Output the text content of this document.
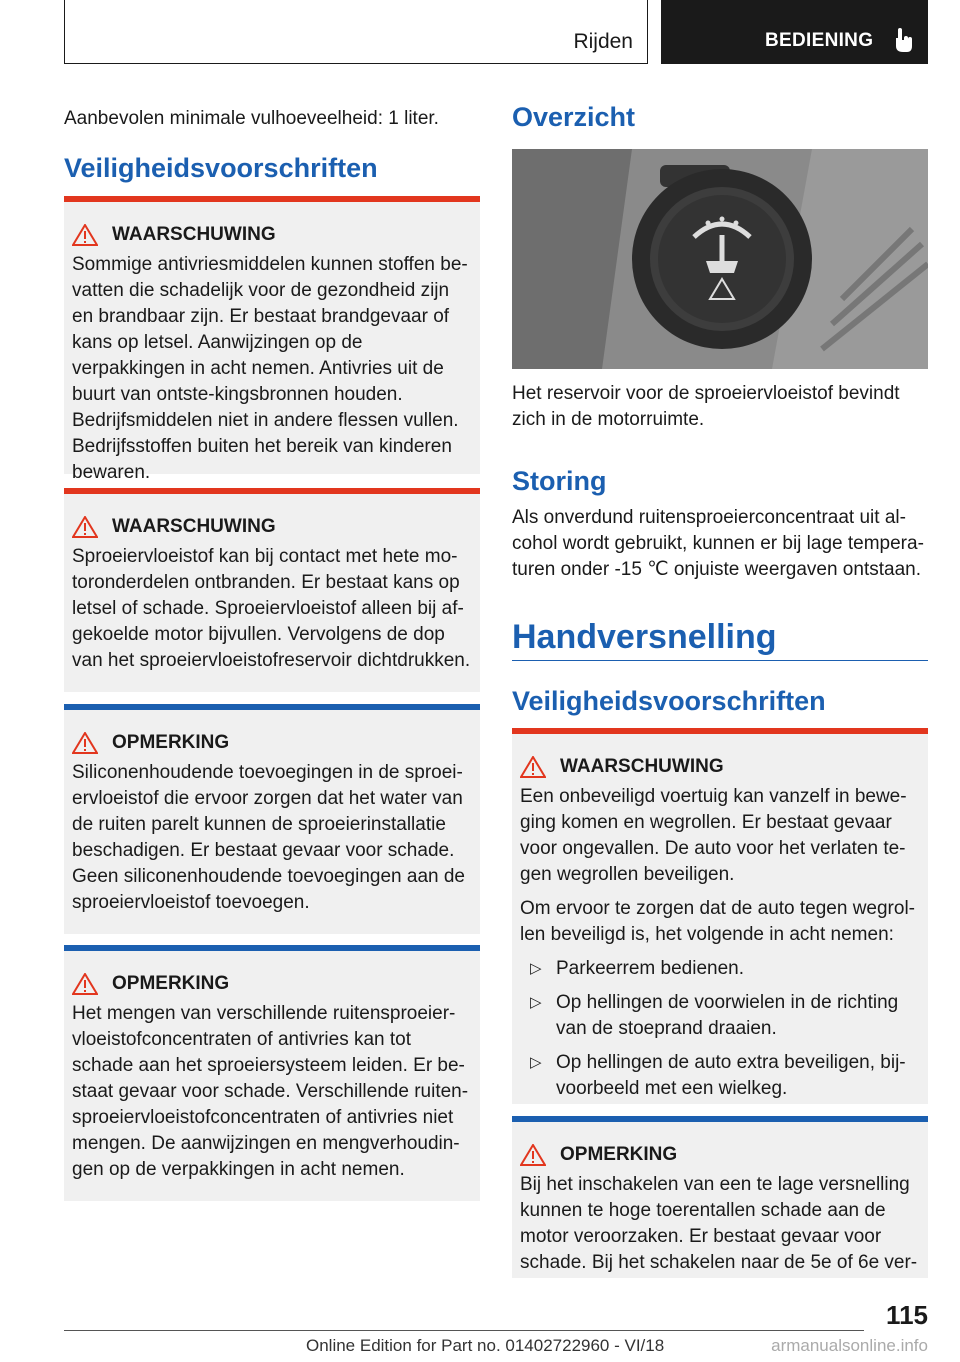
Rijden	BEDIENING

Aanbevolen minimale vulhoeveelheid: 1 liter.

Veiligheidsvoorschriften
WAARSCHUWING
Sommige antivriesmiddelen kunnen stoffen be-vatten die schadelijk voor de gezondheid zijn en brandbaar zijn. Er bestaat brandgevaar of kans op letsel. Aanwijzingen op de verpakkingen in acht nemen. Antivries uit de buurt van ontste-kingsbronnen houden. Bedrijfsmiddelen niet in andere flessen vullen. Bedrijfsstoffen buiten het bereik van kinderen bewaren.
WAARSCHUWING
Sproeiervloeistof kan bij contact met hete mo-toronderdelen ontbranden. Er bestaat kans op letsel of schade. Sproeiervloeistof alleen bij af-gekoelde motor bijvullen. Vervolgens de dop van het sproeiervloeistofreservoir dichtdrukken.
OPMERKING
Siliconenhoudende toevoegingen in de sproei-ervloeistof die ervoor zorgen dat het water van de ruiten parelt kunnen de sproeierinstallatie beschadigen. Er bestaat gevaar voor schade. Geen siliconenhoudende toevoegingen aan de sproeiervloeistof toevoegen.
OPMERKING
Het mengen van verschillende ruitensproeier-vloeistofconcentraten of antivries kan tot schade aan het sproeiersysteem leiden. Er be-staat gevaar voor schade. Verschillende ruiten-sproeiervloeistofconcentraten of antivries niet mengen. De aanwijzingen en mengverhoudin-gen op de verpakkingen in acht nemen.
Overzicht

Het reservoir voor de sproeiervloeistof bevindt zich in de motorruimte.

Storing

Als onverdund ruitensproeierconcentraat uit al-cohol wordt gebruikt, kunnen er bij lage tempera-turen onder -15 ℃ onjuiste weergaven ontstaan.

Handversnelling
Veiligheidsvoorschriften
WAARSCHUWING

Een onbeveiligd voertuig kan vanzelf in bewe-ging komen en wegrollen. Er bestaat gevaar voor ongevallen. De auto voor het verlaten te-gen wegrollen beveiligen.

Om ervoor te zorgen dat de auto tegen wegrol-len beveiligd is, het volgende in acht nemen:

▷ Parkeerrem bedienen.
▷ Op hellingen de voorwielen in de richting van de stoeprand draaien.
▷ Op hellingen de auto extra beveiligen, bij-voorbeeld met een wielkeg.
OPMERKING
Bij het inschakelen van een te lage versnelling kunnen te hoge toerentallen schade aan de motor veroorzaken. Er bestaat gevaar voor schade. Bij het schakelen naar de 5e of 6e ver-
115
Online Edition for Part no. 01402722960 - VI/18	armanualsonline.info
